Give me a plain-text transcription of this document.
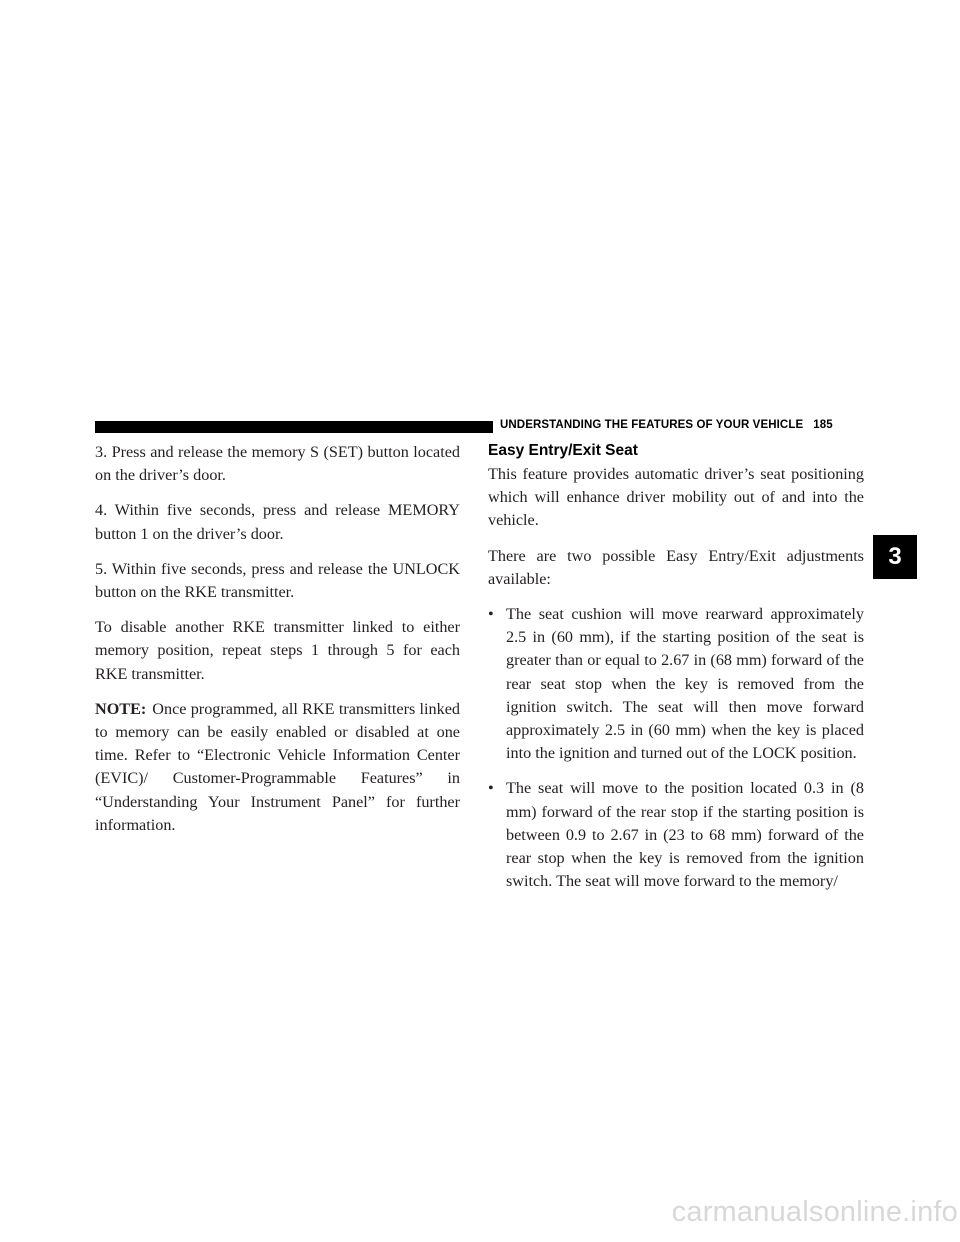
UNDERSTANDING THE FEATURES OF YOUR VEHICLE 185

3. Press and release the memory S (SET) button located on the driver’s door.

4. Within five seconds, press and release MEMORY button 1 on the driver’s door.

5. Within five seconds, press and release the UNLOCK button on the RKE transmitter.

To disable another RKE transmitter linked to either memory position, repeat steps 1 through 5 for each RKE transmitter.

NOTE: Once programmed, all RKE transmitters linked to memory can be easily enabled or disabled at one time. Refer to “Electronic Vehicle Information Center (EVIC)/ Customer-Programmable Features” in “Understanding Your Instrument Panel” for further information.

Easy Entry/Exit Seat

This feature provides automatic driver’s seat positioning which will enhance driver mobility out of and into the vehicle.

There are two possible Easy Entry/Exit adjustments available:

• The seat cushion will move rearward approximately 2.5 in (60 mm), if the starting position of the seat is greater than or equal to 2.67 in (68 mm) forward of the rear seat stop when the key is removed from the ignition switch. The seat will then move forward approximately 2.5 in (60 mm) when the key is placed into the ignition and turned out of the LOCK position.
• The seat will move to the position located 0.3 in (8 mm) forward of the rear stop if the starting position is between 0.9 to 2.67 in (23 to 68 mm) forward of the rear stop when the key is removed from the ignition switch. The seat will move forward to the memory/
3
carmanualsonline.info
